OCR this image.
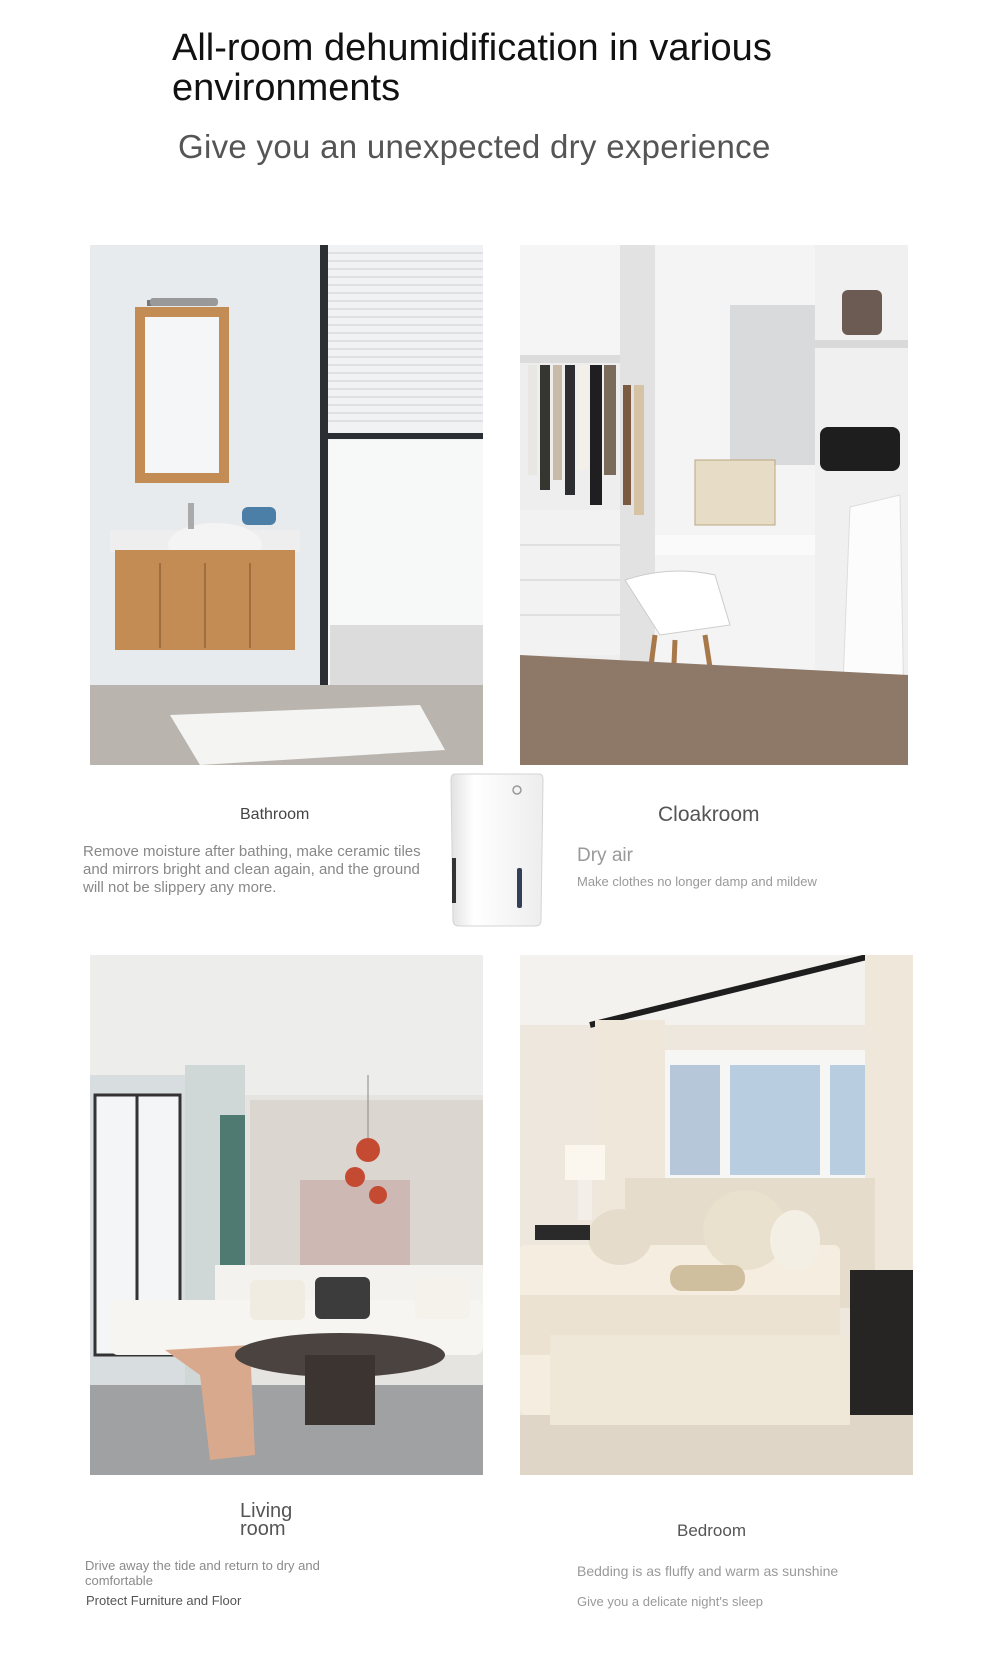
All-room dehumidification in various environments
Give you an unexpected dry experience
Bathroom
Remove moisture after bathing, make ceramic tiles and mirrors bright and clean again, and the ground will not be slippery any more.
Cloakroom
Dry air
Make clothes no longer damp and mildew
Living room
Drive away the tide and return to dry and comfortable
Protect Furniture and Floor
Bedroom
Bedding is as fluffy and warm as sunshine
Give you a delicate night's sleep
